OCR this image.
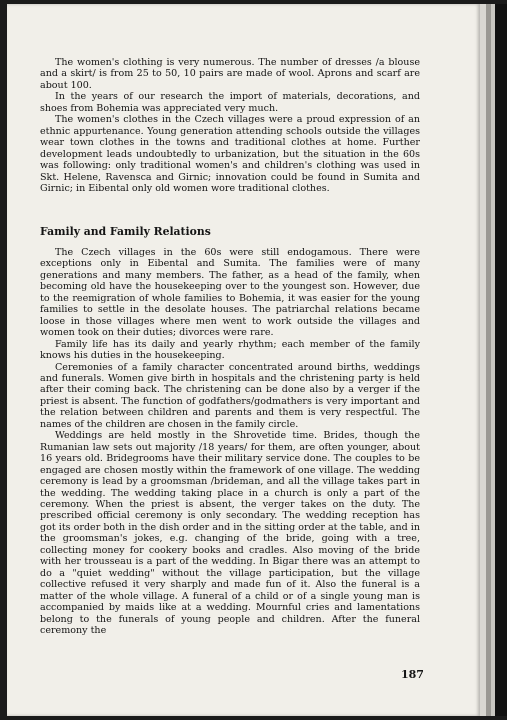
The women's clothing is very numerous. The number of dresses /a blouse and a skirt/ is from 25 to 50, 10 pairs are made of wool. Aprons and scarf are about 100.

In the years of our research the import of materials, decorations, and shoes from Bohemia was appreciated very much.

The women's clothes in the Czech villages were a proud expression of an ethnic appurtenance. Young generation attending schools outside the villages wear town clothes in the towns and traditional clothes at home. Further development leads undoubtedly to urbanization, but the situation in the 60s was following: only traditional women's and children's clothing was used in Skt. Helene, Ravensca and Girnic; innovation could be found in Sumita and Girnic; in Eibental only old women wore traditional clothes.

Family and Family Relations

The Czech villages in the 60s were still endogamous. There were exceptions only in Eibental and Sumita. The families were of many generations and many members. The father, as a head of the family, when becoming old have the housekeeping over to the youngest son. However, due to the reemigration of whole families to Bohemia, it was easier for the young families to settle in the desolate houses. The patriarchal relations became loose in those villages where men went to work outside the villages and women took on their duties; divorces were rare.

Family life has its daily and yearly rhythm; each member of the family knows his duties in the housekeeping.

Ceremonies of a family character concentrated around births, weddings and funerals. Women give birth in hospitals and the christening party is held after their coming back. The christening can be done also by a verger if the priest is absent. The function of godfathers/godmathers is very important and the relation between children and parents and them is very respectful. The names of the children are chosen in the family circle.

Weddings are held mostly in the Shrovetide time. Brides, though the Rumanian law sets out majority /18 years/ for them, are often younger, about 16 years old. Bridegrooms have their military service done. The couples to be engaged are chosen mostly within the framework of one village. The wedding ceremony is lead by a groomsman /brideman, and all the village takes part in the wedding. The wedding taking place in a church is only a part of the ceremony. When the priest is absent, the verger takes on the duty. The prescribed official ceremony is only secondary. The wedding reception has got its order both in the dish order and in the sitting order at the table, and in the groomsman's jokes, e.g. changing of the bride, going with a tree, collecting money for cookery books and cradles. Also moving of the bride with her trousseau is a part of the wedding. In Bigar there was an attempt to do a "quiet wedding" without the village participation, but the village collective refused it very sharply and made fun of it. Also the funeral is a matter of the whole village. A funeral of a child or of a single young man is accompanied by maids like at a wedding. Mournful cries and lamentations belong to the funerals of young people and children. After the funeral ceremony the

187
